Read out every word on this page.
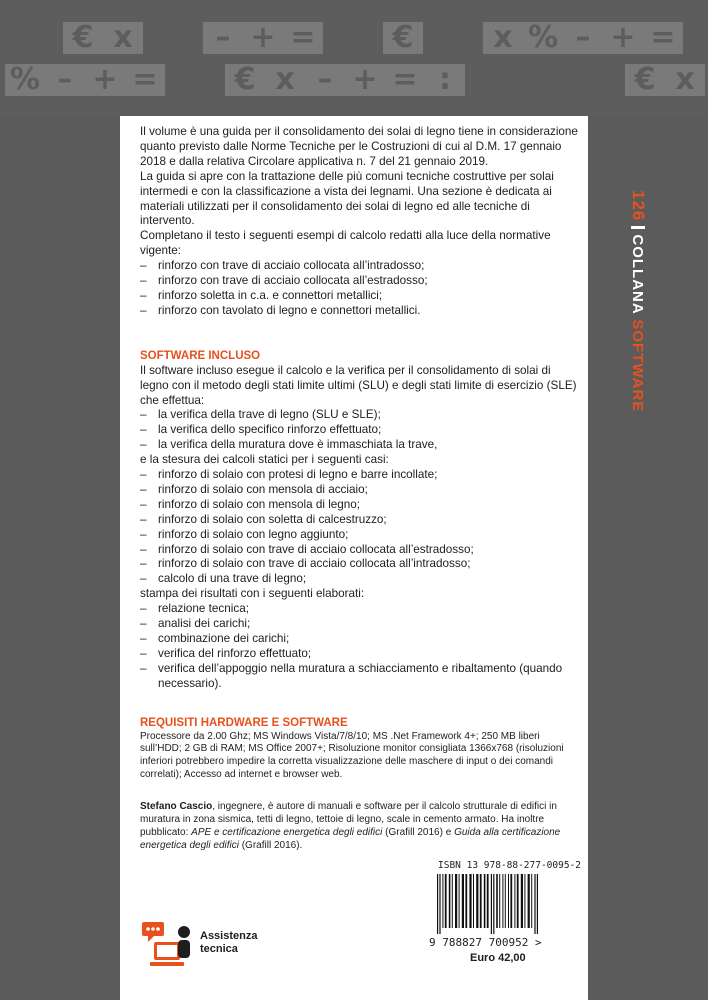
€ x	– + =	€	x % – + =
% – + =	€ x – + = :	€ x
126COLLANA SOFTWARE

Il volume è una guida per il consolidamento dei solai di legno tiene in considerazione quanto previsto dalle Norme Tecniche per le Costruzioni di cui al D.M. 17 gennaio 2018 e dalla relativa Circolare applicativa n. 7 del 21 gennaio 2019.

La guida si apre con la trattazione delle più comuni tecniche costruttive per solai intermedi e con la classificazione a vista dei legnami. Una sezione è dedicata ai materiali utilizzati per il consolidamento dei solai di legno ed alle tecniche di intervento.

Completano il testo i seguenti esempi di calcolo redatti alla luce della normative vigente:

– rinforzo con trave di acciaio collocata all’intradosso;
– rinforzo con trave di acciaio collocata all’estradosso;
– rinforzo soletta in c.a. e connettori metallici;
– rinforzo con tavolato di legno e connettori metallici.

SOFTWARE INCLUSO

Il software incluso esegue il calcolo e la verifica per il consolidamento di solai di legno con il metodo degli stati limite ultimi (SLU) e degli stati limite di esercizio (SLE) che effettua:

– la verifica della trave di legno (SLU e SLE);
– la verifica dello specifico rinforzo effettuato;
– la verifica della muratura dove è immaschiata la trave,

e la stesura dei calcoli statici per i seguenti casi:

– rinforzo di solaio con protesi di legno e barre incollate;
– rinforzo di solaio con mensola di acciaio;
– rinforzo di solaio con mensola di legno;
– rinforzo di solaio con soletta di calcestruzzo;
– rinforzo di solaio con legno aggiunto;
– rinforzo di solaio con trave di acciaio collocata all’estradosso;
– rinforzo di solaio con trave di acciaio collocata all’intradosso;
– calcolo di una trave di legno;

stampa dei risultati con i seguenti elaborati:

– relazione tecnica;
– analisi dei carichi;
– combinazione dei carichi;
– verifica del rinforzo effettuato;
– verifica dell’appoggio nella muratura a schiacciamento e ribaltamento (quando necessario).

REQUISITI HARDWARE E SOFTWARE

Processore da 2.00 Ghz; MS Windows Vista/7/8/10; MS .Net Framework 4+; 250 MB liberi sull’HDD; 2 GB di RAM; MS Office 2007+; Risoluzione monitor consigliata 1366x768 (risoluzioni inferiori potrebbero impedire la corretta visualizzazione delle maschere di input o dei comandi correlati); Accesso ad internet e browser web.

Stefano Cascio, ingegnere, è autore di manuali e software per il calcolo strutturale di edifici in muratura in zona sismica, tetti di legno, tettoie di legno, scale in cemento armato. Ha inoltre pubblicato: APE e certificazione energetica degli edifici (Grafill 2016) e Guida alla certificazione energetica degli edifici (Grafill 2016).
Assistenza
tecnica
ISBN 13 978-88-277-0095-2
9 788827 700952 >
Euro 42,00
